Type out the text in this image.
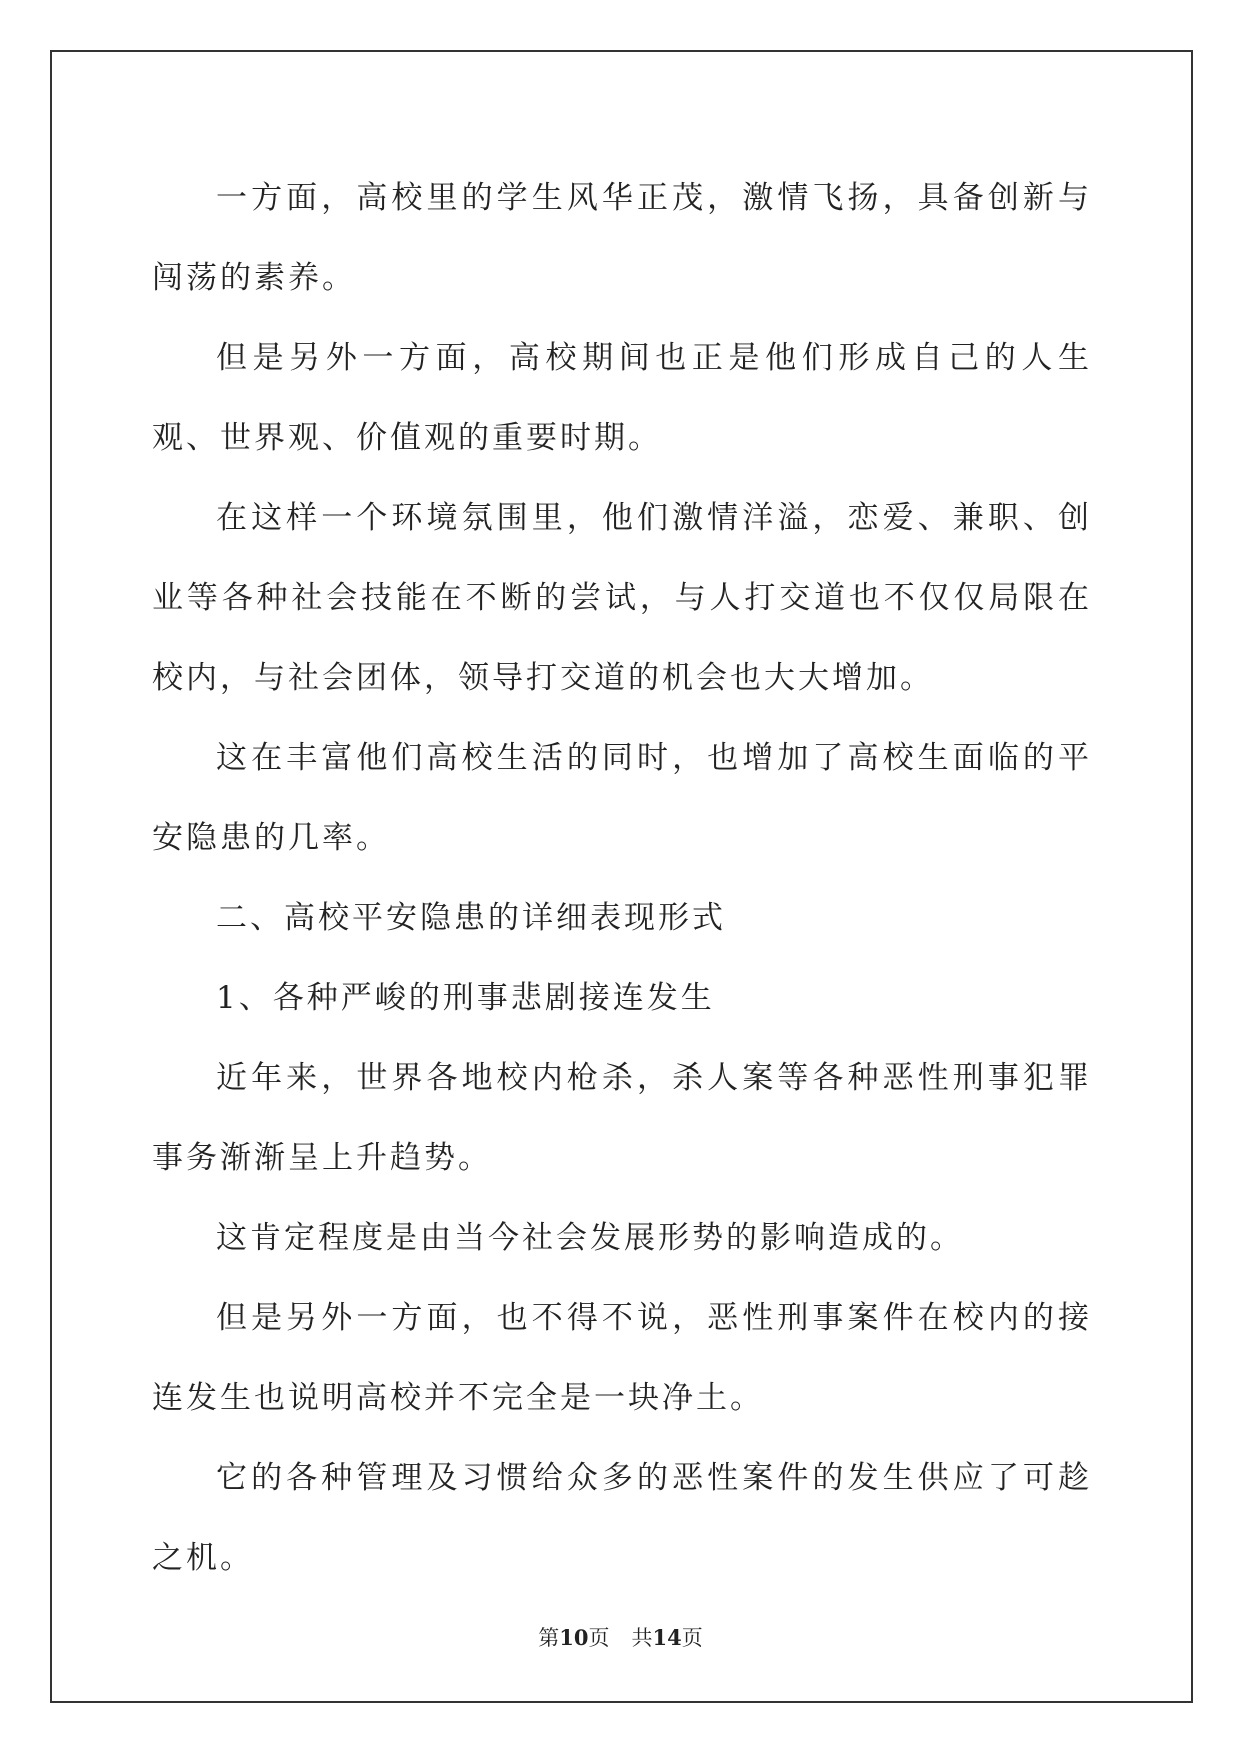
一方面，高校里的学生风华正茂，激情飞扬，具备创新与闯荡的素养。

但是另外一方面，高校期间也正是他们形成自己的人生观、世界观、价值观的重要时期。

在这样一个环境氛围里，他们激情洋溢，恋爱、兼职、创业等各种社会技能在不断的尝试，与人打交道也不仅仅局限在校内，与社会团体，领导打交道的机会也大大增加。

这在丰富他们高校生活的同时，也增加了高校生面临的平安隐患的几率。

二、高校平安隐患的详细表现形式

1、各种严峻的刑事悲剧接连发生

近年来，世界各地校内枪杀，杀人案等各种恶性刑事犯罪事务渐渐呈上升趋势。

这肯定程度是由当今社会发展形势的影响造成的。

但是另外一方面，也不得不说，恶性刑事案件在校内的接连发生也说明高校并不完全是一块净土。

它的各种管理及习惯给众多的恶性案件的发生供应了可趁之机。

第10页 共14页
